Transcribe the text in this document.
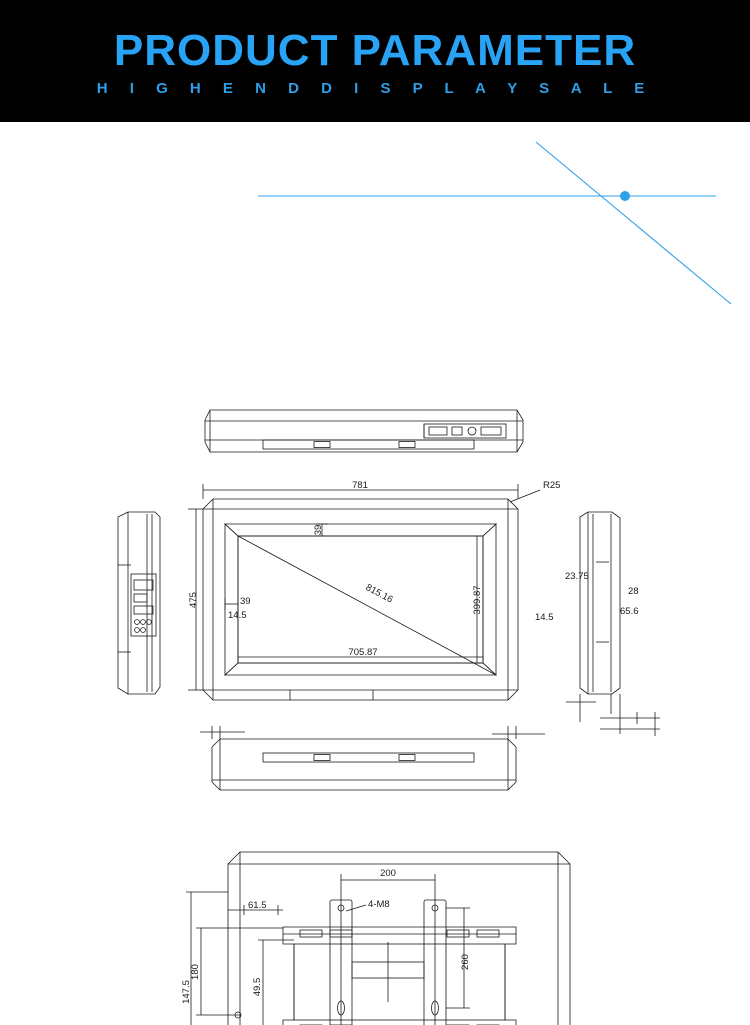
PRODUCT PARAMETER
H I G H E N D D I S P L A Y S A L E
781	R25
475
39
39	815.16	399.87
705.87
23.75
28
65.6
14.5	14.5
200
4-M8
260
61.5
180
147.5	49.5
